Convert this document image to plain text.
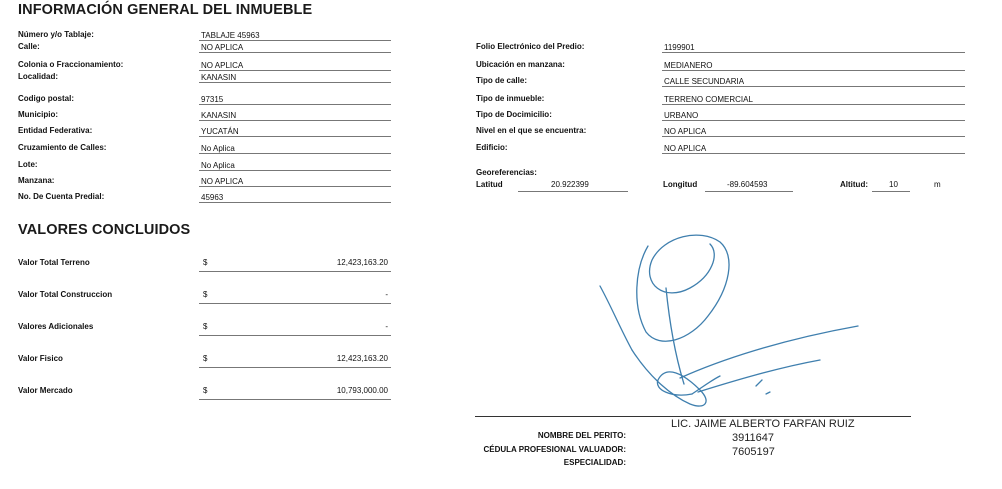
INFORMACIÓN GENERAL DEL INMUEBLE
Número y/o Tablaje:	TABLAJE 45963
Calle:	NO APLICA
Colonia o Fraccionamiento:	NO APLICA
Localidad:	KANASIN
Codigo postal:	97315
Municipio:	KANASIN
Entidad Federativa:	YUCATÁN
Cruzamiento de Calles:	No Aplica
Lote:	No Aplica
Manzana:	NO APLICA
No. De Cuenta Predial:	45963
Folio Electrónico del Predio:	1199901
Ubicación en manzana:	MEDIANERO
Tipo de calle:	CALLE SECUNDARIA
Tipo de inmueble:	TERRENO COMERCIAL
Tipo de Docimicilio:	URBANO
Nivel en el que se encuentra:	NO APLICA
Edificio:	NO APLICA
Georeferencias:
Latitud	20.922399	Longitud	-89.604593	Altitud:	10	m
VALORES CONCLUIDOS
Valor Total Terreno	$	12,423,163.20
Valor Total Construccion	$	-
Valores Adicionales	$	-
Valor Fisico	$	12,423,163.20
Valor Mercado	$	10,793,000.00
NOMBRE DEL PERITO:
LIC. JAIME ALBERTO FARFAN RUIZ
CÉDULA PROFESIONAL VALUADOR:
3911647
ESPECIALIDAD:
7605197
